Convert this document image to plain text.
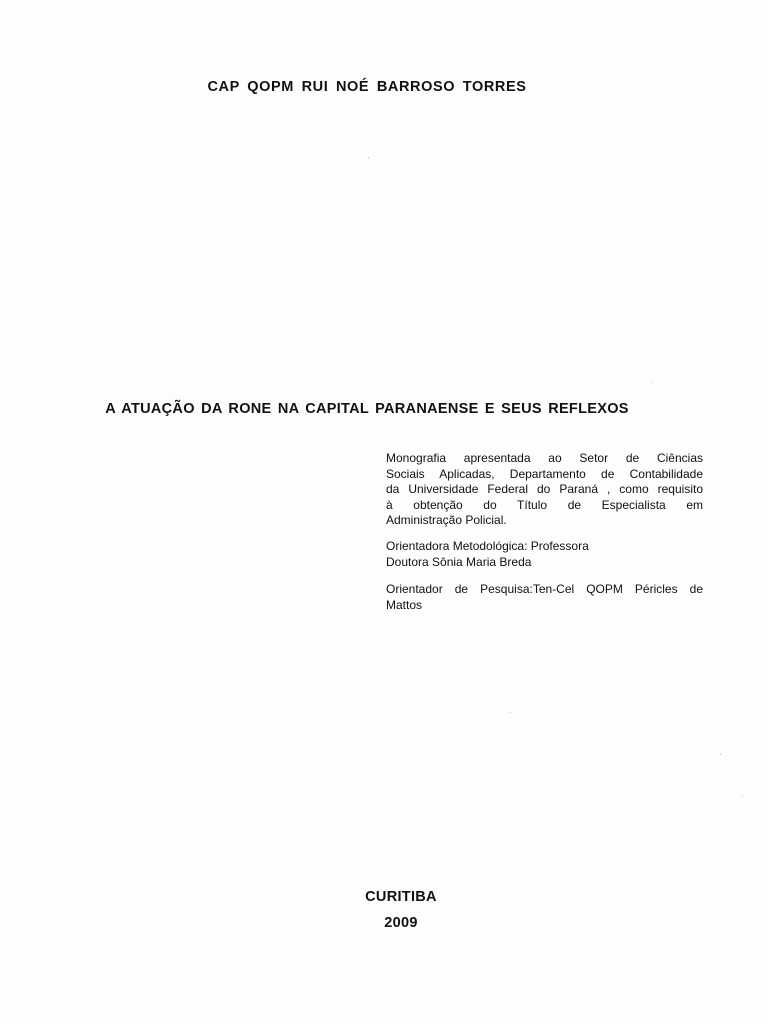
CAP QOPM RUI NOÉ BARROSO TORRES
A ATUAÇÃO DA RONE NA CAPITAL PARANAENSE E SEUS REFLEXOS
Monografia apresentada ao Setor de Ciências
Sociais Aplicadas, Departamento de Contabilidade
da Universidade Federal do Paraná , como requisito
à obtenção do Título de Especialista em
Administração Policial.
Orientadora Metodológica: Professora
Doutora Sônia Maria Breda
Orientador de Pesquisa:Ten-Cel QOPM Péricles de
Mattos
CURITIBA
2009
